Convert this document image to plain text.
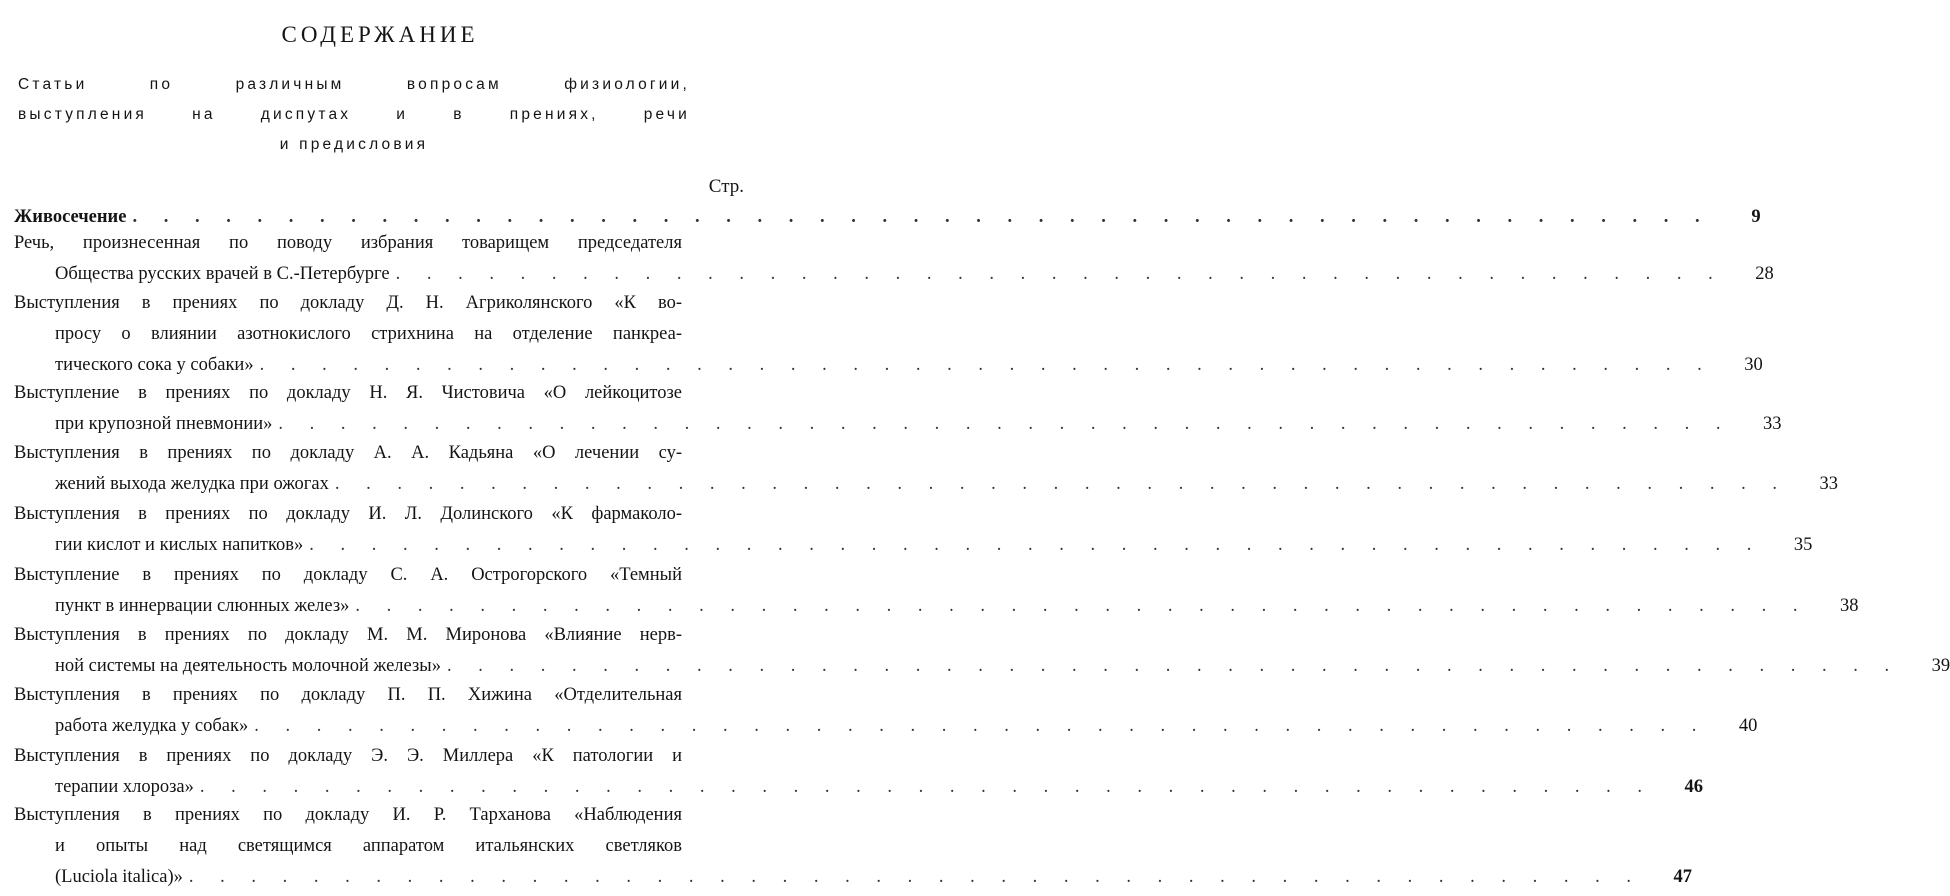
СОДЕРЖАНИЕ
Статьи по различным вопросам физиологии,
выступления на диспутах и в прениях, речи
и предисловия
Стр.
Живосечение . . . . . . . . . . . . . . . . . . . . . . . . . . . . . . . . . . . . . . . . . . . . . . . . . . .	9
Речь, произнесенная по поводу избрания товарищем председателя
Общества русских врачей в С.-Петербурге . . . . . . . . . . . . . . . . . . . . . . . . . . . . . . . . . . . . . . . . . . .	28
Выступления в прениях по докладу Д. Н. Агриколянского «К во-
просу о влиянии азотнокислого стрихнина на отделение панкреа-
тического сока у собаки» . . . . . . . . . . . . . . . . . . . . . . . . . . . . . . . . . . . . . . . . . . . . . . .	30
Выступление в прениях по докладу Н. Я. Чистовича «О лейкоцитозе
при крупозной пневмонии» . . . . . . . . . . . . . . . . . . . . . . . . . . . . . . . . . . . . . . . . . . . . . . .	33
Выступления в прениях по докладу А. А. Кадьяна «О лечении су-
жений выхода желудка при ожогах . . . . . . . . . . . . . . . . . . . . . . . . . . . . . . . . . . . . . . . . . . . . . . .	33
Выступления в прениях по докладу И. Л. Долинского «К фармаколо-
гии кислот и кислых напитков» . . . . . . . . . . . . . . . . . . . . . . . . . . . . . . . . . . . . . . . . . . . . . . .	35
Выступление в прениях по докладу С. А. Острогорского «Темный
пункт в иннервации слюнных желез» . . . . . . . . . . . . . . . . . . . . . . . . . . . . . . . . . . . . . . . . . . . . . . .	38
Выступления в прениях по докладу М. М. Миронова «Влияние нерв-
ной системы на деятельность молочной железы» . . . . . . . . . . . . . . . . . . . . . . . . . . . . . . . . . . . . . . . . . . . . . . .	39
Выступления в прениях по докладу П. П. Хижина «Отделительная
работа желудка у собак» . . . . . . . . . . . . . . . . . . . . . . . . . . . . . . . . . . . . . . . . . . . . . . .	40
Выступления в прениях по докладу Э. Э. Миллера «К патологии и
терапии хлороза» . . . . . . . . . . . . . . . . . . . . . . . . . . . . . . . . . . . . . . . . . . . . . . .	46
Выступления в прениях по докладу И. Р. Тарханова «Наблюдения
и опыты над светящимся аппаратом итальянских светляков
(Luciola italica)» . . . . . . . . . . . . . . . . . . . . . . . . . . . . . . . . . . . . . . . . . . . . . . .	47
